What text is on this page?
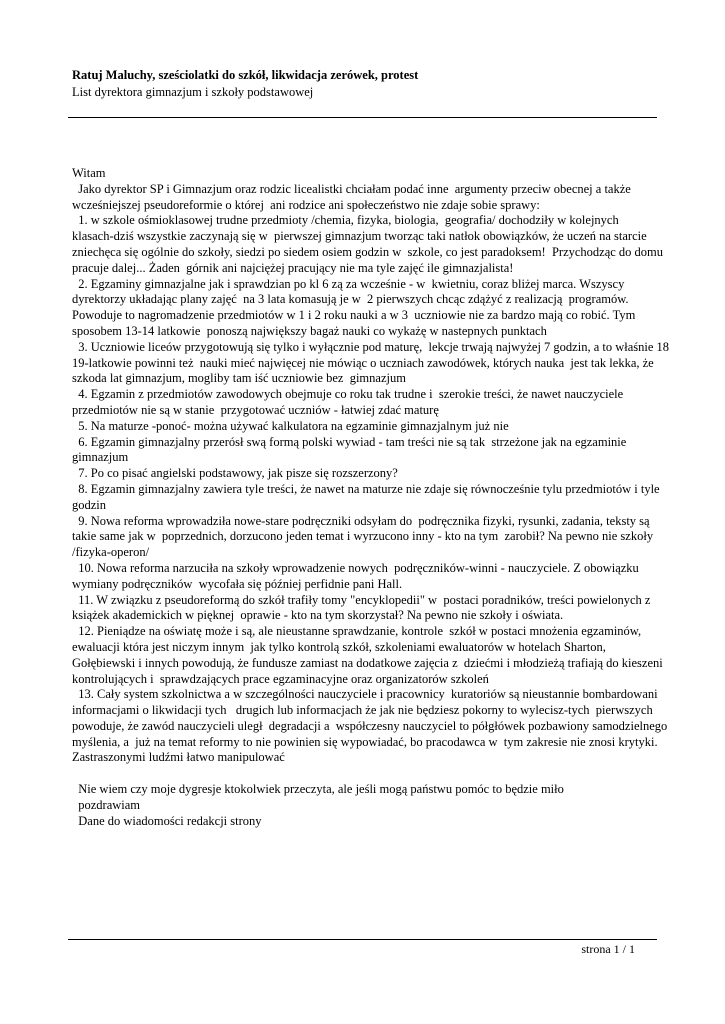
Ratuj Maluchy, sześciolatki do szkół, likwidacja zerówek, protest

List dyrektora gimnazjum i szkoły podstawowej

Witam
Jako dyrektor SP i Gimnazjum oraz rodzic licealistki chciałam podać inne  argumenty przeciw obecnej a także
wcześniejszej pseudoreformie o której  ani rodzice ani społeczeństwo nie zdaje sobie sprawy:
1. w szkole ośmioklasowej trudne przedmioty /chemia, fizyka, biologia,  geografia/ dochodziły w kolejnych
klasach-dziś wszystkie zaczynają się w  pierwszej gimnazjum tworząc taki natłok obowiązków, że uczeń na starcie
zniechęca się ogólnie do szkoły, siedzi po siedem osiem godzin w  szkole, co jest paradoksem!  Przychodząc do domu
pracuje dalej... Żaden  górnik ani najciężej pracujący nie ma tyle zajęć ile gimnazjalista!
2. Egzaminy gimnazjalne jak i sprawdzian po kl 6 zą za wcześnie - w  kwietniu, coraz bliżej marca. Wszyscy
dyrektorzy układając plany zajęć  na 3 lata komasują je w  2 pierwszych chcąc zdążyć z realizacją  programów.
Powoduje to nagromadzenie przedmiotów w 1 i 2 roku nauki a w 3  uczniowie nie za bardzo mają co robić. Tym
sposobem 13-14 latkowie  ponoszą największy bagaż nauki co wykażę w nastepnych punktach
3. Uczniowie liceów przygotowują się tylko i wyłącznie pod maturę,  lekcje trwają najwyżej 7 godzin, a to właśnie 18
19-latkowie powinni też  nauki mieć najwięcej nie mówiąc o uczniach zawodówek, których nauka  jest tak lekka, że
szkoda lat gimnazjum, mogliby tam iść uczniowie bez  gimnazjum
4. Egzamin z przedmiotów zawodowych obejmuje co roku tak trudne i  szerokie treści, że nawet nauczyciele
przedmiotów nie są w stanie  przygotować uczniów - łatwiej zdać maturę
5. Na maturze -ponoć- można używać kalkulatora na egzaminie gimnazjalnym już nie
6. Egzamin gimnazjalny przerósł swą formą polski wywiad - tam treści nie są tak  strzeżone jak na egzaminie
gimnazjum
7. Po co pisać angielski podstawowy, jak pisze się rozszerzony?
8. Egzamin gimnazjalny zawiera tyle treści, że nawet na maturze nie zdaje się równocześnie tylu przedmiotów i tyle
godzin
9. Nowa reforma wprowadziła nowe-stare podręczniki odsyłam do  podręcznika fizyki, rysunki, zadania, teksty są
takie same jak w  poprzednich, dorzucono jeden temat i wyrzucono inny - kto na tym  zarobił? Na pewno nie szkoły
/fizyka-operon/
10. Nowa reforma narzuciła na szkoły wprowadzenie nowych  podręczników-winni - nauczyciele. Z obowiązku
wymiany podręczników  wycofała się później perfidnie pani Hall.
11. W związku z pseudoreformą do szkół trafiły tomy "encyklopedii" w  postaci poradników, treści powielonych z
książek akademickich w pięknej  oprawie - kto na tym skorzystał? Na pewno nie szkoły i oświata.
12. Pieniądze na oświatę może i są, ale nieustanne sprawdzanie, kontrole  szkół w postaci mnożenia egzaminów,
ewaluacji która jest niczym innym  jak tylko kontrolą szkół, szkoleniami ewaluatorów w hotelach Sharton,
Gołębiewski i innych powodują, że fundusze zamiast na dodatkowe zajęcia z  dziećmi i młodzieżą trafiają do kieszeni
kontrolujących i  sprawdzających prace egzaminacyjne oraz organizatorów szkoleń
13. Cały system szkolnictwa a w szczególności nauczyciele i pracownicy  kuratoriów są nieustannie bombardowani
informacjami o likwidacji tych   drugich lub informacjach że jak nie będziesz pokorny to wylecisz-tych  pierwszych
powoduje, że zawód nauczycieli uległ  degradacji a  współczesny nauczyciel to półgłówek pozbawiony samodzielnego
myślenia, a  już na temat reformy to nie powinien się wypowiadać, bo pracodawca w  tym zakresie nie znosi krytyki.
Zastraszonymi ludźmi łatwo manipulować
Nie wiem czy moje dygresje ktokolwiek przeczyta, ale jeśli mogą państwu pomóc to będzie miło
pozdrawiam
Dane do wiadomości redakcji strony
strona 1 / 1
